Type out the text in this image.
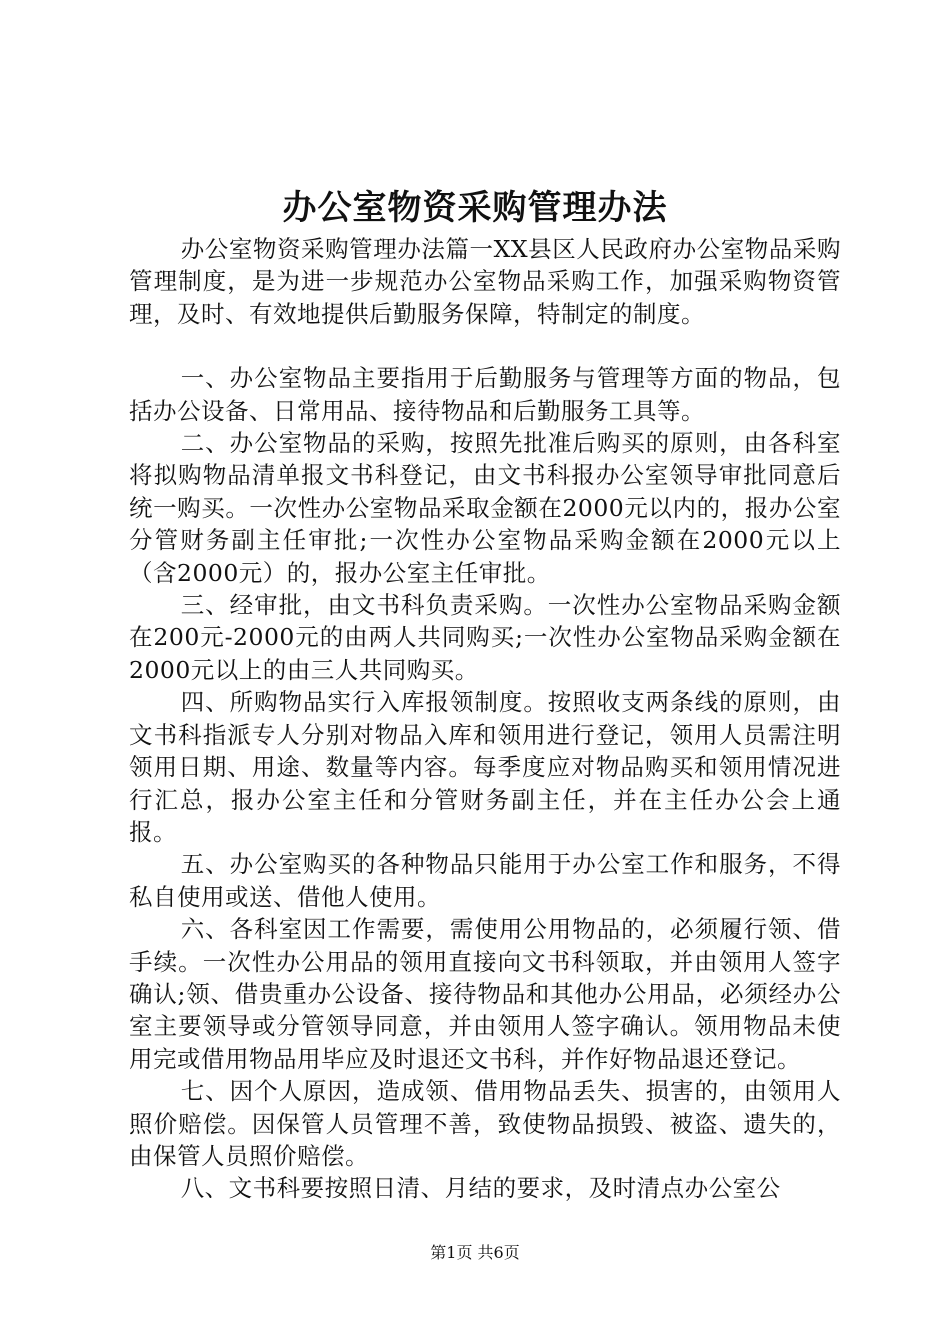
办公室物资采购管理办法

办公室物资采购管理办法篇一XX县区人民政府办公室物品采购管理制度，是为进一步规范办公室物品采购工作，加强采购物资管理，及时、有效地提供后勤服务保障，特制定的制度。

一、办公室物品主要指用于后勤服务与管理等方面的物品，包括办公设备、日常用品、接待物品和后勤服务工具等。

二、办公室物品的采购，按照先批准后购买的原则，由各科室将拟购物品清单报文书科登记，由文书科报办公室领导审批同意后统一购买。一次性办公室物品采取金额在2000元以内的，报办公室分管财务副主任审批;一次性办公室物品采购金额在2000元以上（含2000元）的，报办公室主任审批。

三、经审批，由文书科负责采购。一次性办公室物品采购金额在200元-2000元的由两人共同购买;一次性办公室物品采购金额在2000元以上的由三人共同购买。

四、所购物品实行入库报领制度。按照收支两条线的原则，由文书科指派专人分别对物品入库和领用进行登记，领用人员需注明领用日期、用途、数量等内容。每季度应对物品购买和领用情况进行汇总，报办公室主任和分管财务副主任，并在主任办公会上通报。

五、办公室购买的各种物品只能用于办公室工作和服务，不得私自使用或送、借他人使用。

六、各科室因工作需要，需使用公用物品的，必须履行领、借手续。一次性办公用品的领用直接向文书科领取，并由领用人签字确认;领、借贵重办公设备、接待物品和其他办公用品，必须经办公室主要领导或分管领导同意，并由领用人签字确认。领用物品未使用完或借用物品用毕应及时退还文书科，并作好物品退还登记。

七、因个人原因，造成领、借用物品丢失、损害的，由领用人照价赔偿。因保管人员管理不善，致使物品损毁、被盗、遗失的，由保管人员照价赔偿。

八、文书科要按照日清、月结的要求，及时清点办公室公

第1页 共6页
